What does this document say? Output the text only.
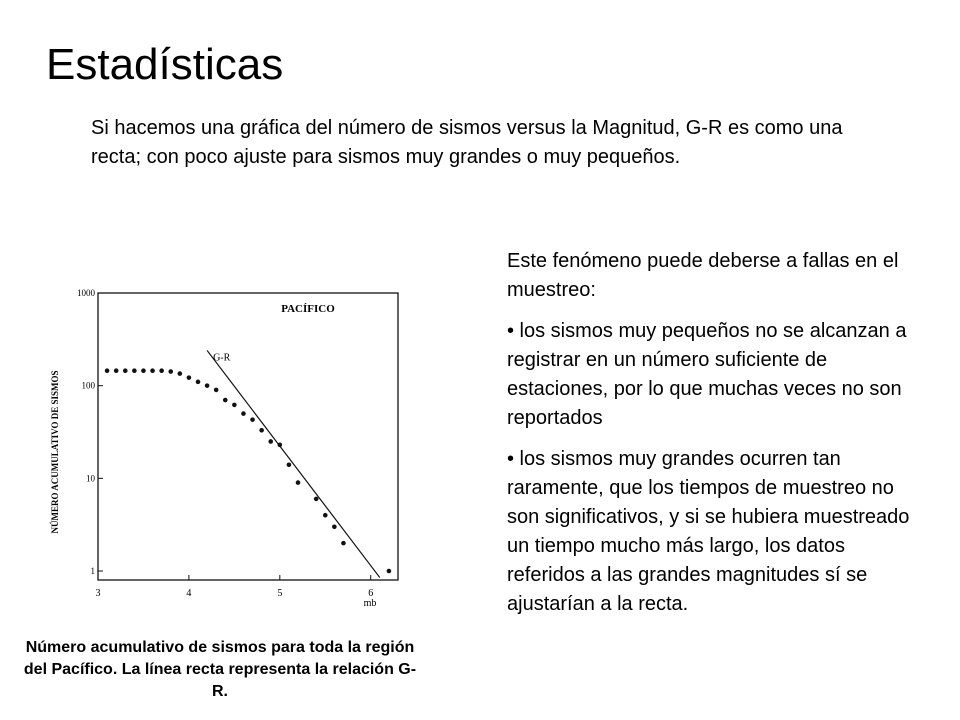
Estadísticas

Si hacemos una gráfica del número de sismos versus la Magnitud, G-R es como una recta; con poco ajuste para sismos muy grandes o muy pequeños.

Este fenómeno puede deberse a fallas en el muestreo:

• los sismos muy pequeños no se alcanzan a registrar en un número suficiente de estaciones, por lo que muchas veces no son reportados

• los sismos muy grandes ocurren tan raramente, que los tiempos de muestreo no son significativos, y si se hubiera muestreado un tiempo mucho más largo, los datos referidos a las grandes magnitudes sí se ajustarían a la recta.

3	4	5	6
1000
100
10
1
PACÍFICO
NÚMERO ACUMULATIVO DE SISMOS
mb
G-R

Número acumulativo de sismos para toda la región del Pacífico. La línea recta representa la relación G-R.
